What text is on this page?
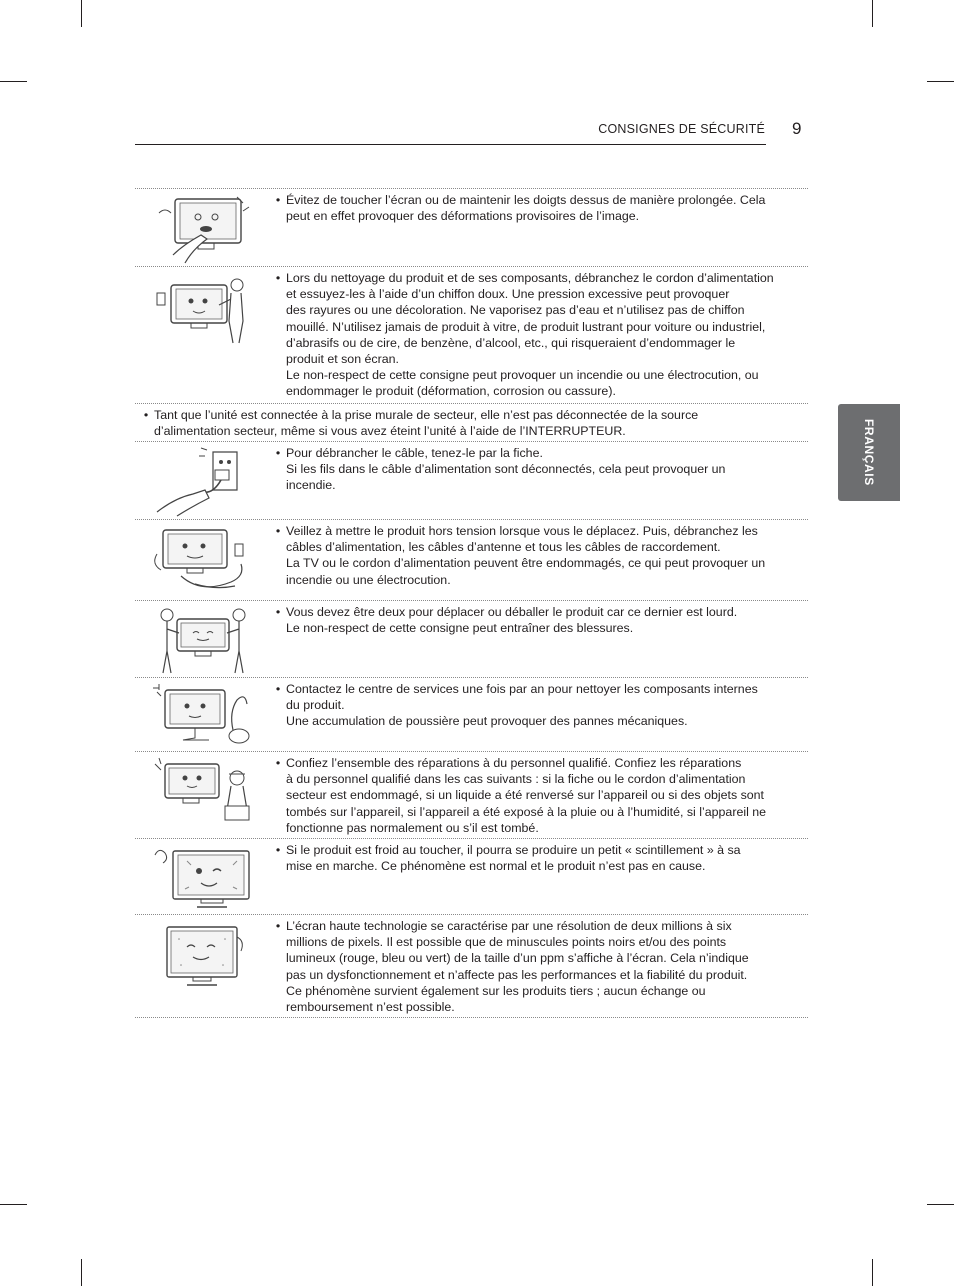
CONSIGNES DE SÉCURITÉ 9
FRANÇAIS
• Évitez de toucher l’écran ou de maintenir les doigts dessus de manière prolongée. Cela
peut en effet provoquer des déformations provisoires de l’image.
• Lors du nettoyage du produit et de ses composants, débranchez le cordon d’alimentation
et essuyez-les à l’aide d’un chiffon doux. Une pression excessive peut provoquer
des rayures ou une décoloration. Ne vaporisez pas d’eau et n’utilisez pas de chiffon
mouillé. N’utilisez jamais de produit à vitre, de produit lustrant pour voiture ou industriel,
d’abrasifs ou de cire, de benzène, d’alcool, etc., qui risqueraient d’endommager le
produit et son écran.
Le non-respect de cette consigne peut provoquer un incendie ou une électrocution, ou
endommager le produit (déformation, corrosion ou cassure).
• Tant que l’unité est connectée à la prise murale de secteur, elle n’est pas déconnectée de la source
d’alimentation secteur, même si vous avez éteint l’unité à l’aide de l’INTERRUPTEUR.
• Pour débrancher le câble, tenez-le par la fiche.
Si les fils dans le câble d’alimentation sont déconnectés, cela peut provoquer un
incendie.
• Veillez à mettre le produit hors tension lorsque vous le déplacez. Puis, débranchez les
câbles d’alimentation, les câbles d’antenne et tous les câbles de raccordement.
La TV ou le cordon d’alimentation peuvent être endommagés, ce qui peut provoquer un
incendie ou une électrocution.
• Vous devez être deux pour déplacer ou déballer le produit car ce dernier est lourd.
Le non-respect de cette consigne peut entraîner des blessures.
• Contactez le centre de services une fois par an pour nettoyer les composants internes
du produit.
Une accumulation de poussière peut provoquer des pannes mécaniques.
• Confiez l’ensemble des réparations à du personnel qualifié. Confiez les réparations
à du personnel qualifié dans les cas suivants : si la fiche ou le cordon d’alimentation
secteur est endommagé, si un liquide a été renversé sur l’appareil ou si des objets sont
tombés sur l’appareil, si l’appareil a été exposé à la pluie ou à l’humidité, si l’appareil ne
fonctionne pas normalement ou s’il est tombé.
• Si le produit est froid au toucher, il pourra se produire un petit « scintillement » à sa
mise en marche. Ce phénomène est normal et le produit n’est pas en cause.
• L’écran haute technologie se caractérise par une résolution de deux millions à six
millions de pixels. Il est possible que de minuscules points noirs et/ou des points
lumineux (rouge, bleu ou vert) de la taille d’un ppm s’affiche à l’écran. Cela n’indique
pas un dysfonctionnement et n’affecte pas les performances et la fiabilité du produit.
Ce phénomène survient également sur les produits tiers ; aucun échange ou
remboursement n’est possible.
